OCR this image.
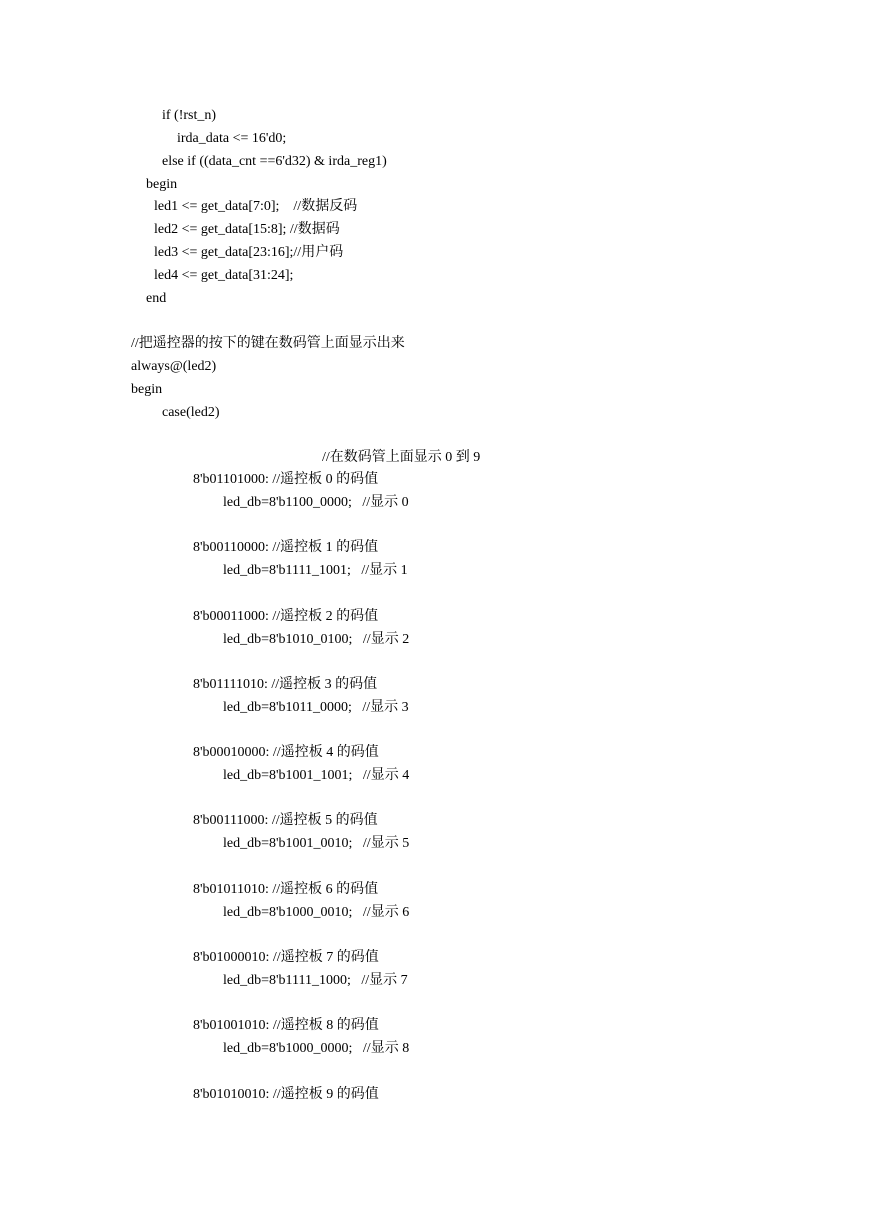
if (!rst_n)
irda_data <= 16'd0;
else if ((data_cnt ==6'd32) & irda_reg1)
begin
led1 <= get_data[7:0];    //数据反码
led2 <= get_data[15:8]; //数据码
led3 <= get_data[23:16];//用户码
led4 <= get_data[31:24];
end
//把遥控器的按下的键在数码管上面显示出来
always@(led2)
begin
case(led2)
//在数码管上面显示 0 到 9
8'b01101000: //遥控板 0 的码值
led_db=8'b1100_0000;   //显示 0
8'b00110000: //遥控板 1 的码值
led_db=8'b1111_1001;   //显示 1
8'b00011000: //遥控板 2 的码值
led_db=8'b1010_0100;   //显示 2
8'b01111010: //遥控板 3 的码值
led_db=8'b1011_0000;   //显示 3
8'b00010000: //遥控板 4 的码值
led_db=8'b1001_1001;   //显示 4
8'b00111000: //遥控板 5 的码值
led_db=8'b1001_0010;   //显示 5
8'b01011010: //遥控板 6 的码值
led_db=8'b1000_0010;   //显示 6
8'b01000010: //遥控板 7 的码值
led_db=8'b1111_1000;   //显示 7
8'b01001010: //遥控板 8 的码值
led_db=8'b1000_0000;   //显示 8
8'b01010010: //遥控板 9 的码值
